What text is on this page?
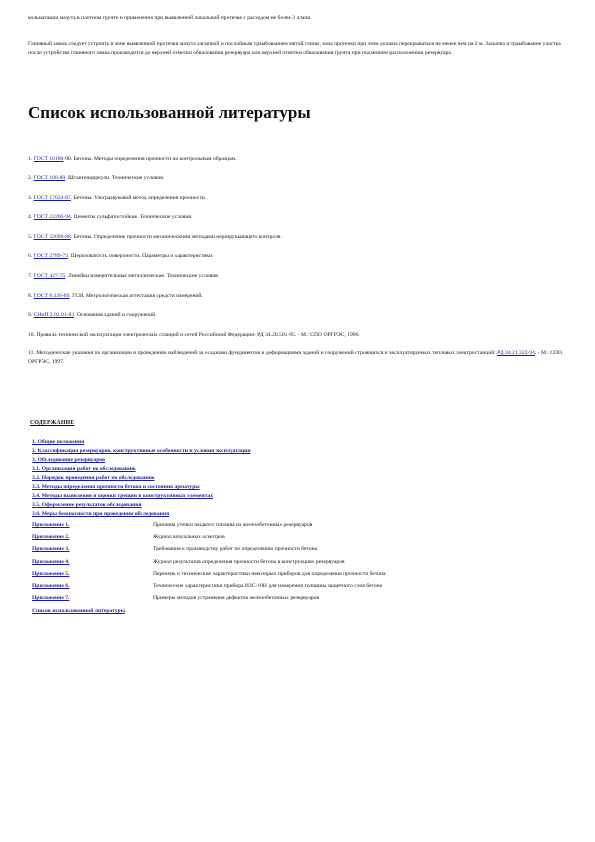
кольматации мазута в плотном грунте и применения при выявленной локальной протечке с расходом не более 3 л/мин.
Глиняный замок следует устроить в зоне выявленной протечки мазута засыпкой и послойным трамбованием мятой глины, зона протечки при этом должна перекрываться не менее чем на 2 м. Засыпка и трамбование участка после устройства глиняного замка производится до верхней отметки обвалования резервуара или верхней отметки обвалования грунта при подземном расположении резервуара.
Список использованной литературы
1. ГОСТ 10180-90. Бетоны. Методы определения прочности по контрольным образцам.
2. ГОСТ 166-89. Штангенциркули. Технические условия.
3. ГОСТ 17624-87. Бетоны. Ультразвуковой метод определения прочности.
4. ГОСТ 22266-94. Цементы сульфатостойкие. Технические условия.
5. ГОСТ 22690-88. Бетоны. Определение прочности механическими методами неразрушающего контроля.
6. ГОСТ 2789-73. Шероховатость поверхности. Параметры и характеристики.
7. ГОСТ 427-75. Линейки измерительные металлические. Технические условия.
8. ГОСТ 8.326-89. ГСИ. Метрологическая аттестация средств измерений.
9. СНиП 2.02.01-83. Основания зданий и сооружений.
10. Правила технической эксплуатации электрических станций и сетей Российской Федерации: РД 34.20.501-95. - М.: СПО ОРГРЭС, 1996.
11. Методические указания по организации и проведению наблюдений за осадками фундаментов и деформациями зданий и сооружений строящихся и эксплуатируемых тепловых электростанций: РД 34.21.322-94. - М.: СПО ОРГРЭС, 1997.
СОДЕРЖАНИЕ
1. Общие положения
2. Классификация резервуаров, конструктивные особенности и условия эксплуатации
3. Обследование резервуаров
3.1. Организация работ по обследованию
3.2. Порядок проведения работ по обследованию
3.3. Методы определения прочности бетона и состояния арматуры
3.4. Методы выявления и оценки трещин в конструктивных элементах
3.5. Оформление результатов обследования
3.6. Меры безопасности при проведении обследования
Приложение 1.	Причины утечки жидкого топлива из железобетонных резервуаров
Приложение 2.	Журнал визуальных осмотров
Приложение 3.	Требования к производству работ по определению прочности бетона
Приложение 4.	Журнал результатов определения прочности бетона в конструкциях резервуаров
Приложение 5.	Перечень и технические характеристики некоторых приборов для определения прочности бетона
Приложение 6.	Технические характеристики прибора ИЗС-10Н для измерения толщины защитного слоя бетона
Приложение 7.	Примеры методов устранения дефектов железобетонных резервуаров
Список использованной литературы
